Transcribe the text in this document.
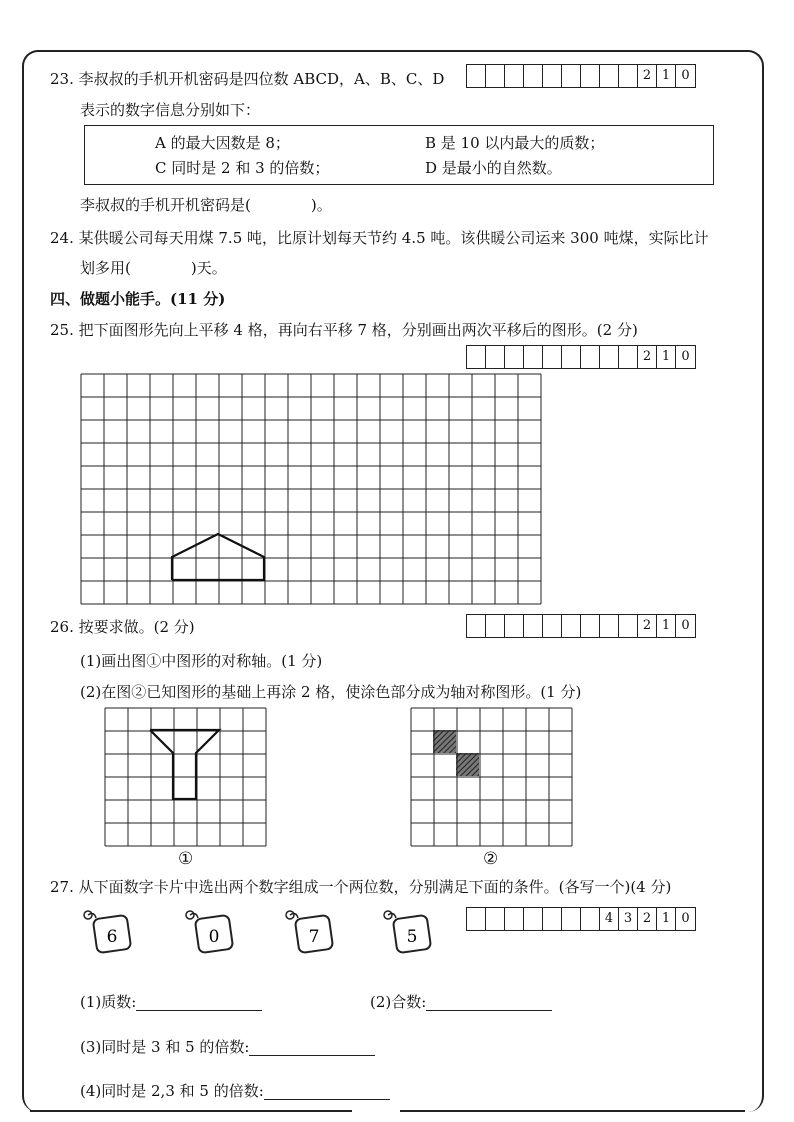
23. 李叔叔的手机开机密码是四位数 ABCD，A、B、C、D	2 1 0
表示的数字信息分别如下：
A 的最大因数是 8；	B 是 10 以内最大的质数；
C 同时是 2 和 3 的倍数；	D 是最小的自然数。
李叔叔的手机开机密码是(　　　　)。
24. 某供暖公司每天用煤 7.5 吨，比原计划每天节约 4.5 吨。该供暖公司运来 300 吨煤，实际比计
划多用(　　　　)天。
四、做题小能手。(11 分)
25. 把下面图形先向上平移 4 格，再向右平移 7 格，分别画出两次平移后的图形。(2 分)
2 1 0
26. 按要求做。(2 分)	2 1 0
(1)画出图①中图形的对称轴。(1 分)
(2)在图②已知图形的基础上再涂 2 格，使涂色部分成为轴对称图形。(1 分)
①	②
27. 从下面数字卡片中选出两个数字组成一个两位数，分别满足下面的条件。(各写一个)(4 分)
4 3 2 1 0
6	0	7	5
(1)质数:	(2)合数:
(3)同时是 3 和 5 的倍数:
(4)同时是 2,3 和 5 的倍数:
